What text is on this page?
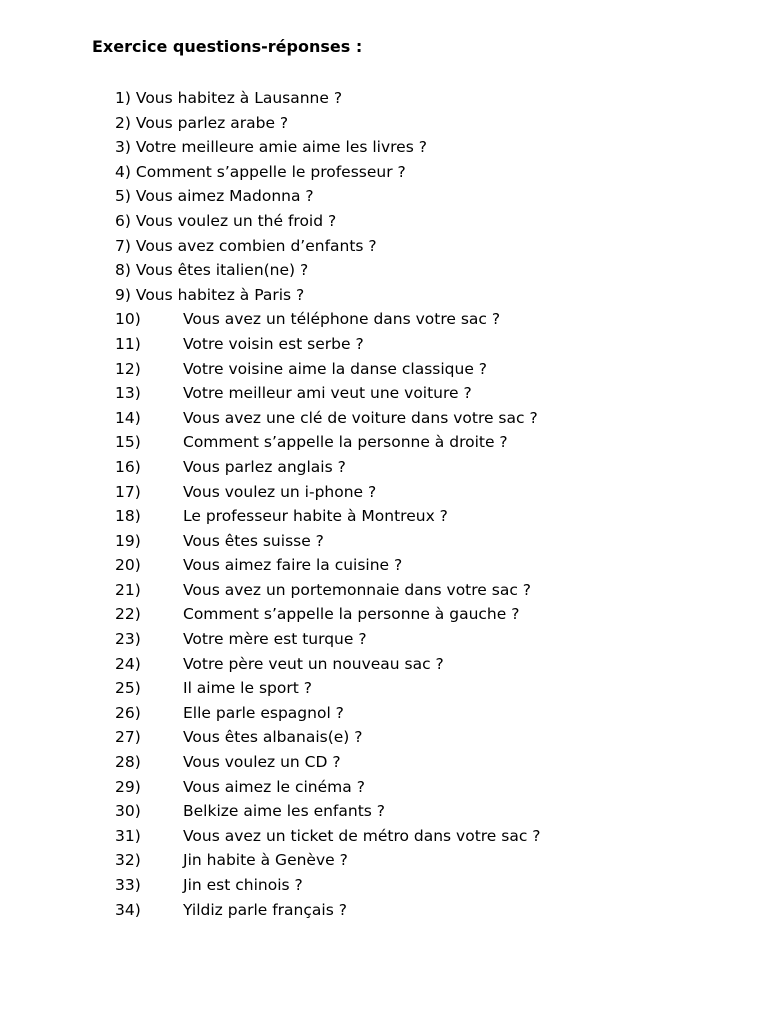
Exercice questions-réponses :
1) Vous habitez à Lausanne ?
2) Vous parlez arabe ?
3) Votre meilleure amie aime les livres ?
4) Comment s’appelle le professeur ?
5) Vous aimez Madonna ?
6) Vous voulez un thé froid ?
7) Vous avez combien d’enfants ?
8) Vous êtes italien(ne) ?
9) Vous habitez à Paris ?
10)	Vous avez un téléphone dans votre sac ?
11)	Votre voisin est serbe ?
12)	Votre voisine aime la danse classique ?
13)	Votre meilleur ami veut une voiture ?
14)	Vous avez une clé de voiture dans votre sac ?
15)	Comment s’appelle la personne à droite ?
16)	Vous parlez anglais ?
17)	Vous voulez un i-phone ?
18)	Le professeur habite à Montreux ?
19)	Vous êtes suisse ?
20)	Vous aimez faire la cuisine ?
21)	Vous avez un portemonnaie dans votre sac ?
22)	Comment s’appelle la personne à gauche ?
23)	Votre mère est turque ?
24)	Votre père veut un nouveau sac ?
25)	Il aime le sport ?
26)	Elle parle espagnol ?
27)	Vous êtes albanais(e) ?
28)	Vous voulez un CD ?
29)	Vous aimez le cinéma ?
30)	Belkize aime les enfants ?
31)	Vous avez un ticket de métro dans votre sac ?
32)	Jin habite à Genève ?
33)	Jin est chinois ?
34)	Yildiz parle français ?
